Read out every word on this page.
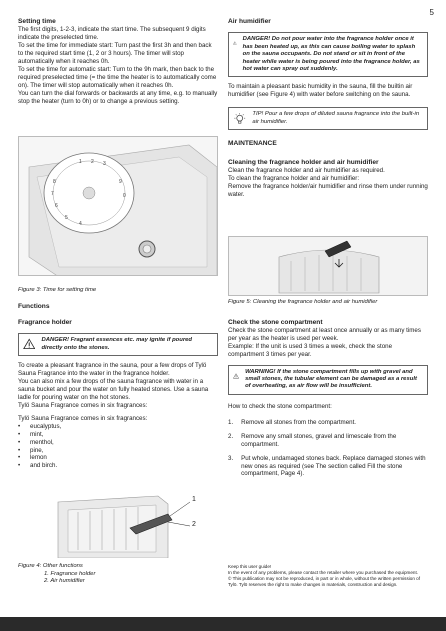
5
Setting time

The first digits, 1-2-3, indicate the start time. The subsequent 9 digits indicate the preselected time.

To set the time for immediate start: Turn past the first 3h and then back to the required start time (1, 2 or 3 hours). The timer will stop automatically when it reaches 0h.

To set the time for automatic start: Turn to the 9h mark, then back to the required preselected time (= the time the heater is to automatically come on). The timer will stop automatically when it reaches 0h.

You can turn the dial forwards or backwards at any time, e.g. to manually stop the heater (turn to 0h) or to change a previous setting.

1 2 3
8
7
6
5
4
9
0

Figure 3: Time for setting time

Functions
Fragrance holder
DANGER! Fragrant essences etc. may ignite if poured directly onto the stones.

To create a pleasant fragrance in the sauna, pour a few drops of Tylö Sauna Fragrance into the water in the fragrance holder.

You can also mix a few drops of the sauna fragrance with water in a sauna bucket and pour the water on fully heated stones. Use a sauna ladle for pouring water on the hot stones.

Tylö Sauna Fragrance comes in six fragrances:

Tylö Sauna Fragrance comes in six fragrances:

• eucalyptus,
• mint,
• menthol,
• pine,
• lemon
• and birch.
1
2

Figure 4: Other functions

1. Fragrance holder

2. Air humidifier

Air humidifier
DANGER! Do not pour water into the fragrance holder once it has been heated up, as this can cause boiling water to splash on the sauna occupants. Do not stand or sit in front of the heater while water is being poured into the fragrance holder, as hot water can spray out suddenly.

To maintain a pleasant basic humidity in the sauna, fill the builtin air humidifier (see Figure 4) with water before switching on the sauna.

TIP! Pour a few drops of diluted sauna fragrance into the built-in air humidifier.
MAINTENANCE
Cleaning the fragrance holder and air humidifier

Clean the fragrance holder and air humidifier as required.

To clean the fragrance holder and air humidifier:

Remove the fragrance holder/air humidifier and rinse them under running water.

Figure 5: Cleaning the fragrance holder and air humidifier

Check the stone compartment

Check the stone compartment at least once annually or as many times per year as the heater is used per week.

Example: If the unit is used 3 times a week, check the stone compartment 3 times per year.

WARNING! If the stone compartment fills up with gravel and small stones, the tubular element can be damaged as a result of overheating, as air flow will be insufficient.

How to check the stone compartment:

1. Remove all stones from the compartment.
2. Remove any small stones, gravel and limescale from the compartment.
3. Put whole, undamaged stones back. Replace damaged stones with new ones as required (see The section called Fill the stone compartment, Page 4).

Keep this user guide!

In the event of any problems, please contact the retailer where you purchased the equipment.

© This publication may not be reproduced, in part or in whole, without the written permission of Tylö. Tylö reserves the right to make changes in materials, construction and design.
